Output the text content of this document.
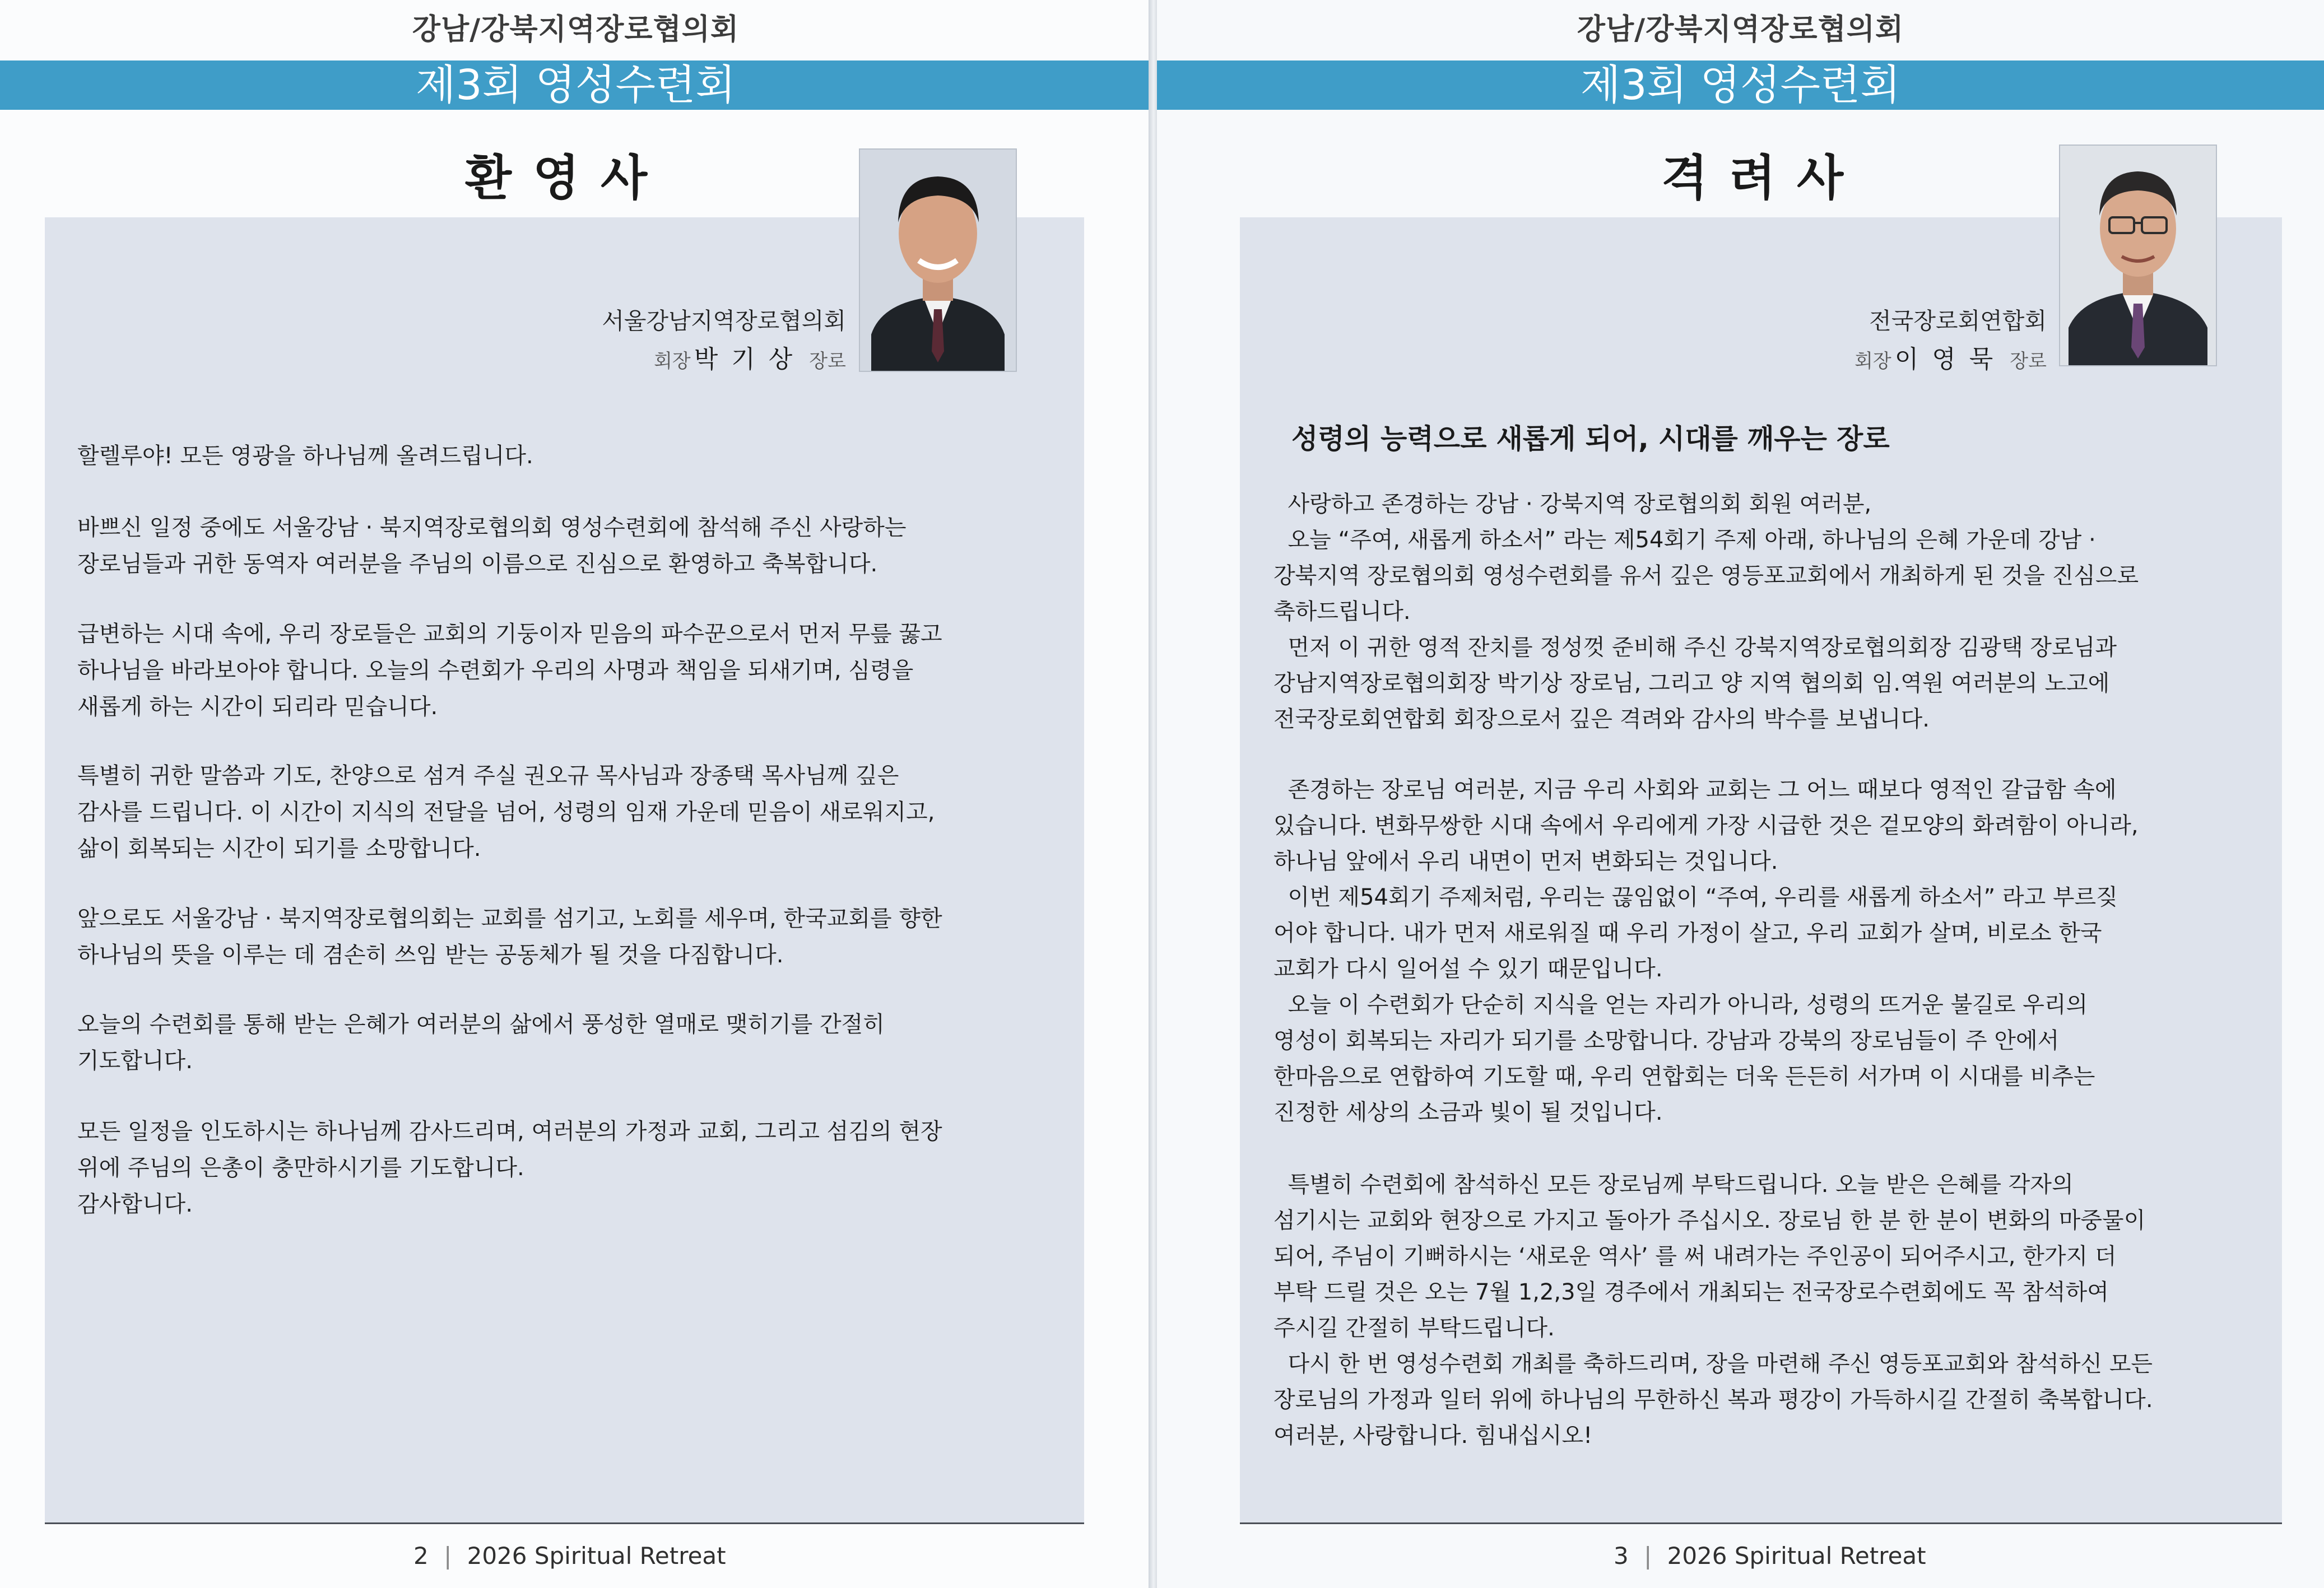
강남/강북지역장로협의회
제3회 영성수련회
환영사
서울강남지역장로협의회
회장 박기상 장로

할렐루야! 모든 영광을 하나님께 올려드립니다.

바쁘신 일정 중에도 서울강남 · 북지역장로협의회 영성수련회에 참석해 주신 사랑하는
장로님들과 귀한 동역자 여러분을 주님의 이름으로 진심으로 환영하고 축복합니다.

급변하는 시대 속에, 우리 장로들은 교회의 기둥이자 믿음의 파수꾼으로서 먼저 무릎 꿇고
하나님을 바라보아야 합니다. 오늘의 수련회가 우리의 사명과 책임을 되새기며, 심령을
새롭게 하는 시간이 되리라 믿습니다.

특별히 귀한 말씀과 기도, 찬양으로 섬겨 주실 권오규 목사님과 장종택 목사님께 깊은
감사를 드립니다. 이 시간이 지식의 전달을 넘어, 성령의 임재 가운데 믿음이 새로워지고,
삶이 회복되는 시간이 되기를 소망합니다.

앞으로도 서울강남 · 북지역장로협의회는 교회를 섬기고, 노회를 세우며, 한국교회를 향한
하나님의 뜻을 이루는 데 겸손히 쓰임 받는 공동체가 될 것을 다짐합니다.

오늘의 수련회를 통해 받는 은혜가 여러분의 삶에서 풍성한 열매로 맺히기를 간절히
기도합니다.

모든 일정을 인도하시는 하나님께 감사드리며, 여러분의 가정과 교회, 그리고 섬김의 현장
위에 주님의 은총이 충만하시기를 기도합니다.
감사합니다.

2 | 2026 Spiritual Retreat
강남/강북지역장로협의회
제3회 영성수련회
격려사
전국장로회연합회
회장 이영묵 장로
성령의 능력으로 새롭게 되어, 시대를 깨우는 장로

사랑하고 존경하는 강남 · 강북지역 장로협의회 회원 여러분,
오늘 “주여, 새롭게 하소서” 라는 제54회기 주제 아래, 하나님의 은혜 가운데 강남 ·
강북지역 장로협의회 영성수련회를 유서 깊은 영등포교회에서 개최하게 된 것을 진심으로
축하드립니다.
먼저 이 귀한 영적 잔치를 정성껏 준비해 주신 강북지역장로협의회장 김광택 장로님과
강남지역장로협의회장 박기상 장로님, 그리고 양 지역 협의회 임.역원 여러분의 노고에
전국장로회연합회 회장으로서 깊은 격려와 감사의 박수를 보냅니다.

존경하는 장로님 여러분, 지금 우리 사회와 교회는 그 어느 때보다 영적인 갈급함 속에
있습니다. 변화무쌍한 시대 속에서 우리에게 가장 시급한 것은 겉모양의 화려함이 아니라,
하나님 앞에서 우리 내면이 먼저 변화되는 것입니다.
이번 제54회기 주제처럼, 우리는 끊임없이 “주여, 우리를 새롭게 하소서” 라고 부르짖
어야 합니다. 내가 먼저 새로워질 때 우리 가정이 살고, 우리 교회가 살며, 비로소 한국
교회가 다시 일어설 수 있기 때문입니다.
오늘 이 수련회가 단순히 지식을 얻는 자리가 아니라, 성령의 뜨거운 불길로 우리의
영성이 회복되는 자리가 되기를 소망합니다. 강남과 강북의 장로님들이 주 안에서
한마음으로 연합하여 기도할 때, 우리 연합회는 더욱 든든히 서가며 이 시대를 비추는
진정한 세상의 소금과 빛이 될 것입니다.

특별히 수련회에 참석하신 모든 장로님께 부탁드립니다. 오늘 받은 은혜를 각자의
섬기시는 교회와 현장으로 가지고 돌아가 주십시오. 장로님 한 분 한 분이 변화의 마중물이
되어, 주님이 기뻐하시는 ‘새로운 역사’ 를 써 내려가는 주인공이 되어주시고, 한가지 더
부탁 드릴 것은 오는 7월 1,2,3일 경주에서 개최되는 전국장로수련회에도 꼭 참석하여
주시길 간절히 부탁드립니다.
다시 한 번 영성수련회 개최를 축하드리며, 장을 마련해 주신 영등포교회와 참석하신 모든
장로님의 가정과 일터 위에 하나님의 무한하신 복과 평강이 가득하시길 간절히 축복합니다.
여러분, 사랑합니다. 힘내십시오!

3 | 2026 Spiritual Retreat
